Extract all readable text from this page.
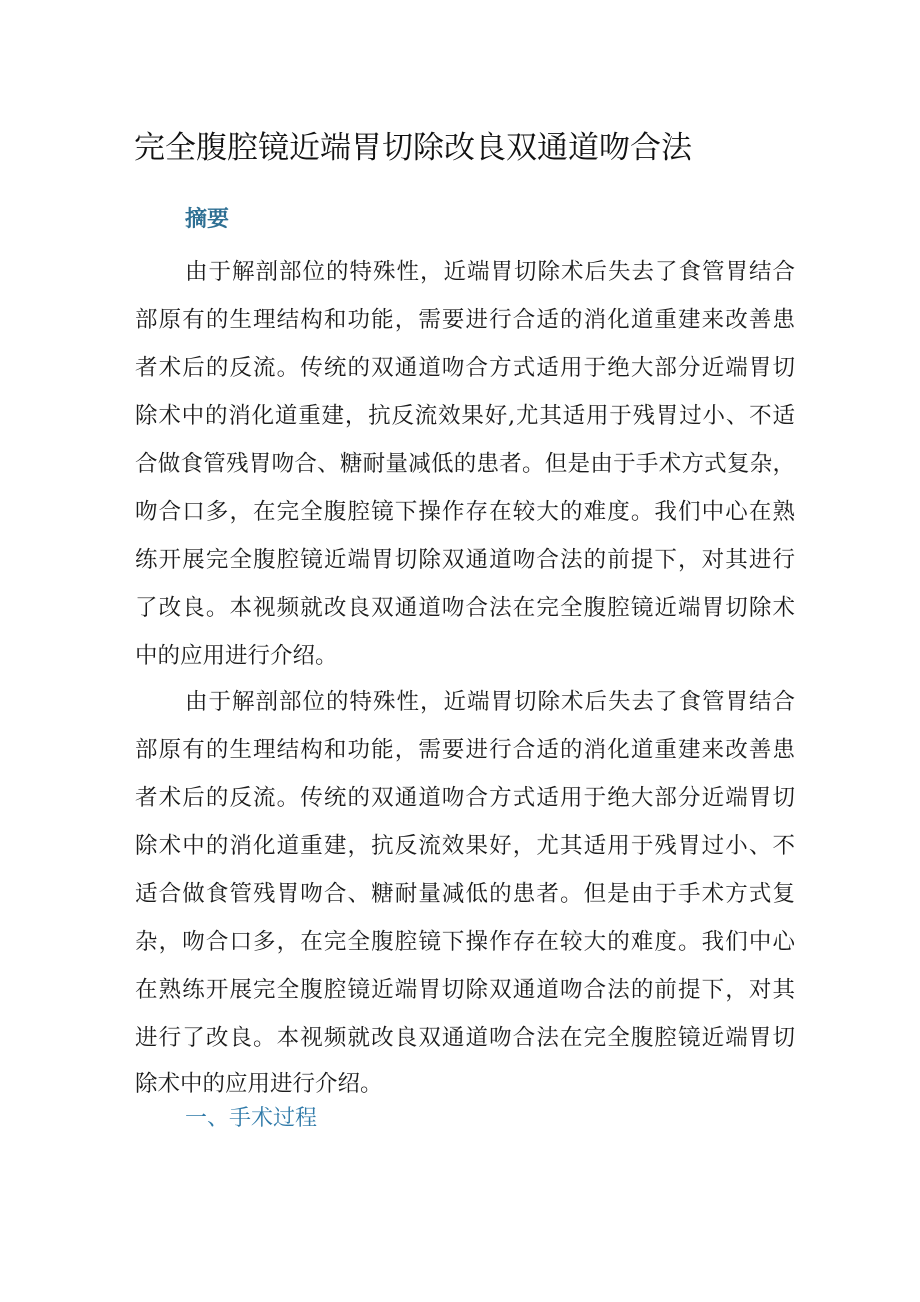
完全腹腔镜近端胃切除改良双通道吻合法
摘要

由于解剖部位的特殊性，近端胃切除术后失去了食管胃结合

部原有的生理结构和功能，需要进行合适的消化道重建来改善患

者术后的反流。传统的双通道吻合方式适用于绝大部分近端胃切

除术中的消化道重建，抗反流效果好,尤其适用于残胃过小、不适

合做食管残胃吻合、糖耐量减低的患者。但是由于手术方式复杂，

吻合口多，在完全腹腔镜下操作存在较大的难度。我们中心在熟

练开展完全腹腔镜近端胃切除双通道吻合法的前提下，对其进行

了改良。本视频就改良双通道吻合法在完全腹腔镜近端胃切除术

中的应用进行介绍。

由于解剖部位的特殊性，近端胃切除术后失去了食管胃结合

部原有的生理结构和功能，需要进行合适的消化道重建来改善患

者术后的反流。传统的双通道吻合方式适用于绝大部分近端胃切

除术中的消化道重建，抗反流效果好，尤其适用于残胃过小、不

适合做食管残胃吻合、糖耐量减低的患者。但是由于手术方式复

杂，吻合口多，在完全腹腔镜下操作存在较大的难度。我们中心

在熟练开展完全腹腔镜近端胃切除双通道吻合法的前提下，对其

进行了改良。本视频就改良双通道吻合法在完全腹腔镜近端胃切

除术中的应用进行介绍。

一、手术过程
